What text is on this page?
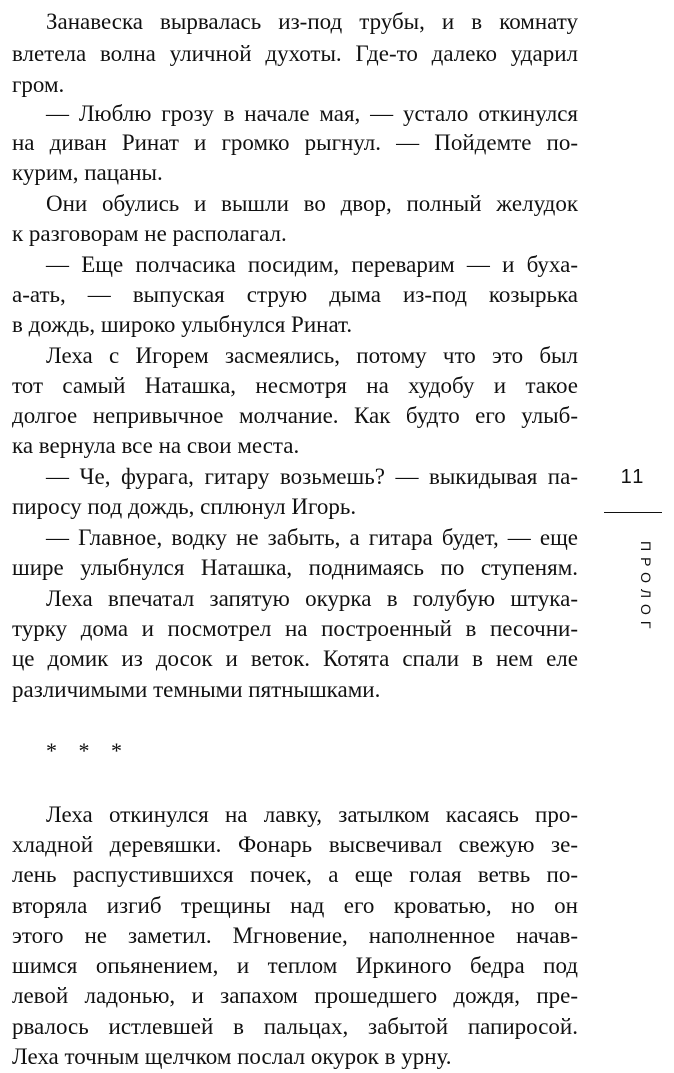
Занавеска вырвалась из-под трубы, и в комнату
влетела волна уличной духоты. Где-то далеко ударил
гром.
— Люблю грозу в начале мая, — устало откинулся
на диван Ринат и громко рыгнул. — Пойдемте по-
курим, пацаны.
Они обулись и вышли во двор, полный желудок
к разговорам не располагал.
— Еще полчасика посидим, переварим — и буха-
а-ать, — выпуская струю дыма из-под козырька
в дождь, широко улыбнулся Ринат.
Леха с Игорем засмеялись, потому что это был
тот самый Наташка, несмотря на худобу и такое
долгое непривычное молчание. Как будто его улыб-
ка вернула все на свои места.
— Че, фурага, гитару возьмешь? — выкидывая па-
пиросу под дождь, сплюнул Игорь.
— Главное, водку не забыть, а гитара будет, — еще
шире улыбнулся Наташка, поднимаясь по ступеням.
Леха впечатал запятую окурка в голубую штука-
турку дома и посмотрел на построенный в песочни-
це домик из досок и веток. Котята спали в нем еле
различимыми темными пятнышками.
Леха откинулся на лавку, затылком касаясь про-
хладной деревяшки. Фонарь высвечивал свежую зе-
лень распустившихся почек, а еще голая ветвь по-
вторяла изгиб трещины над его кроватью, но он
этого не заметил. Мгновение, наполненное начав-
шимся опьянением, и теплом Иркиного бедра под
левой ладонью, и запахом прошедшего дождя, пре-
рвалось истлевшей в пальцах, забытой папиросой.
Леха точным щелчком послал окурок в урну.
* * *
11
ПРОЛОГ
